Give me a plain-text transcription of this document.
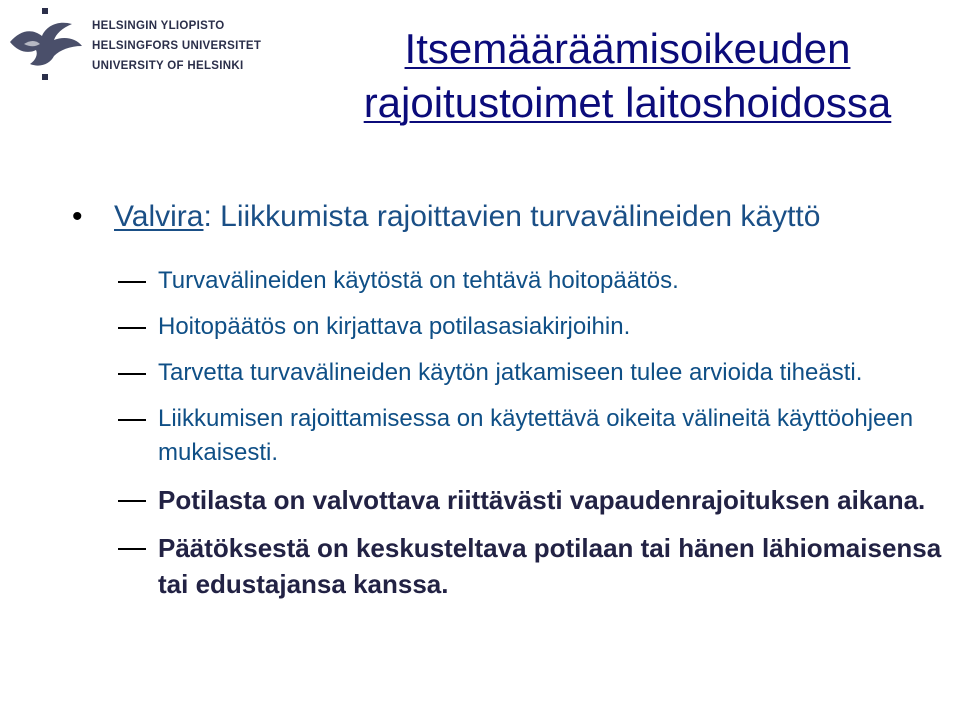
HELSINGIN YLIOPISTO
HELSINGFORS UNIVERSITET
UNIVERSITY OF HELSINKI	Itsemääräämisoikeuden
rajoitustoimet laitoshoidossa
• Valvira: Liikkumista rajoittavien turvavälineiden käyttö
Turvavälineiden käytöstä on tehtävä hoitopäätös.
Hoitopäätös on kirjattava potilasasiakirjoihin.
Tarvetta turvavälineiden käytön jatkamiseen tulee arvioida tiheästi.
Liikkumisen rajoittamisessa on käytettävä oikeita välineitä käyttöohjeen mukaisesti.
Potilasta on valvottava riittävästi vapaudenrajoituksen aikana.
Päätöksestä on keskusteltava potilaan tai hänen lähiomaisensa tai edustajansa kanssa.
